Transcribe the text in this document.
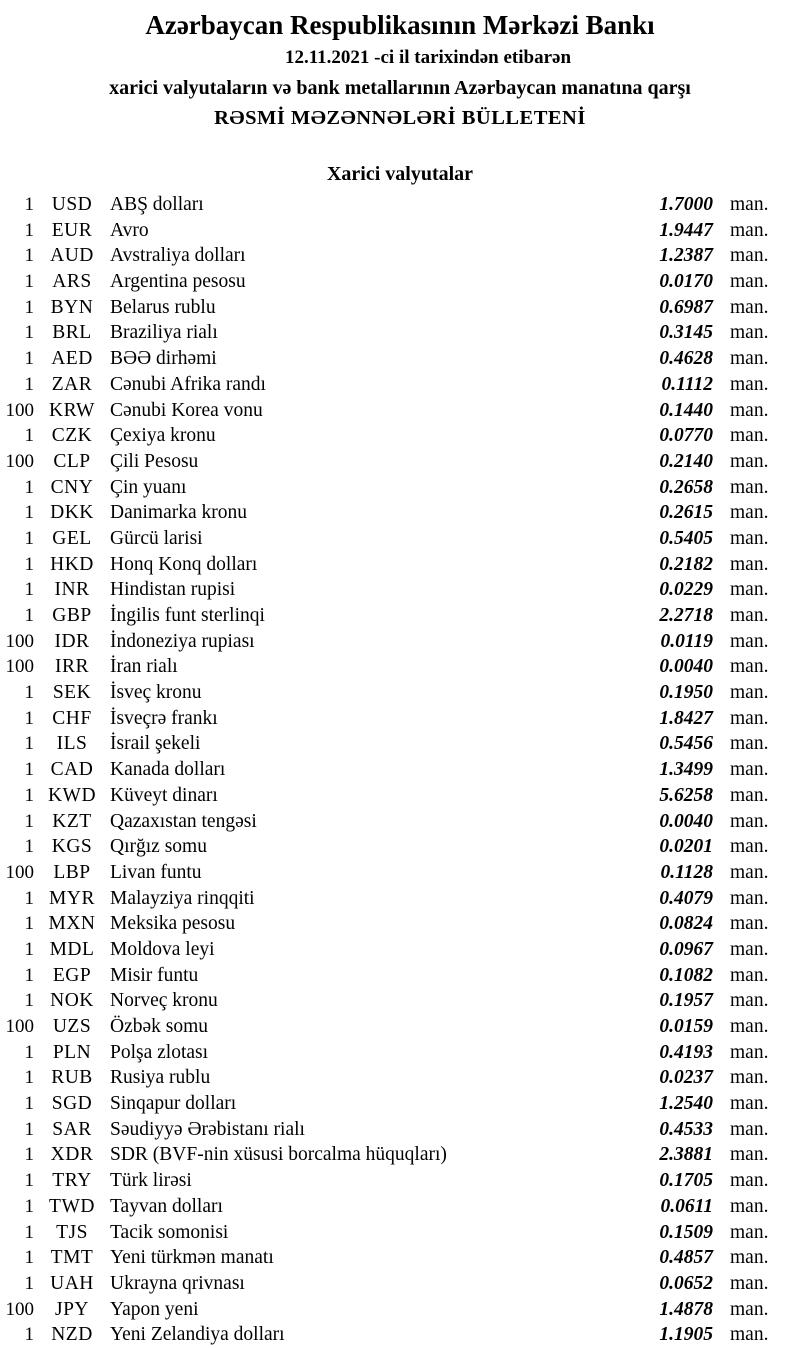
Azərbaycan Respublikasının Mərkəzi Bankı
12.11.2021 -ci il tarixindən etibarən
xarici valyutaların və bank metallarının Azərbaycan manatına qarşı
RƏSMİ MƏZƏNNƏLƏRİ BÜLLETENİ
Xarici valyutalar
1 USD ABŞ dolları	1.7000 man.
1 EUR Avro	1.9447 man.
1 AUD Avstraliya dolları	1.2387 man.
1 ARS Argentina pesosu	0.0170 man.
1 BYN Belarus rublu	0.6987 man.
1 BRL Braziliya rialı	0.3145 man.
1 AED BƏƏ dirhəmi	0.4628 man.
1 ZAR Cənubi Afrika randı	0.1112 man.
100 KRW Cənubi Korea vonu	0.1440 man.
1 CZK Çexiya kronu	0.0770 man.
100 CLP Çili Pesosu	0.2140 man.
1 CNY Çin yuanı	0.2658 man.
1 DKK Danimarka kronu	0.2615 man.
1 GEL Gürcü larisi	0.5405 man.
1 HKD Honq Konq dolları	0.2182 man.
1	INR	Hindistan rupisi	0.0229 man.
1 GBP İngilis funt sterlinqi	2.2718 man.
100	IDR	İndoneziya rupiası	0.0119 man.
100	IRR	İran rialı	0.0040 man.
1 SEK İsveç kronu	0.1950 man.
1 CHF İsveçrə frankı	1.8427 man.
1	ILS	İsrail şekeli	0.5456 man.
1 CAD Kanada dolları	1.3499 man.
1 KWD Küveyt dinarı	5.6258 man.
1 KZT Qazaxıstan tengəsi	0.0040 man.
1 KGS Qırğız somu	0.0201 man.
100 LBP Livan funtu	0.1128 man.
1 MYR Malayziya rinqqiti	0.4079 man.
1 MXN Meksika pesosu	0.0824 man.
1 MDL Moldova leyi	0.0967 man.
1 EGP Misir funtu	0.1082 man.
1 NOK Norveç kronu	0.1957 man.
100 UZS Özbək somu	0.0159 man.
1 PLN Polşa zlotası	0.4193 man.
1 RUB Rusiya rublu	0.0237 man.
1 SGD Sinqapur dolları	1.2540 man.
1 SAR Səudiyyə Ərəbistanı rialı	0.4533 man.
1 XDR SDR (BVF-nin xüsusi borcalma hüquqları)	2.3881 man.
1 TRY Türk lirəsi	0.1705 man.
1 TWD Tayvan dolları	0.0611 man.
1	TJS	Tacik somonisi	0.1509 man.
1 TMT Yeni türkmən manatı	0.4857 man.
1 UAH Ukrayna qrivnası	0.0652 man.
100	JPY	Yapon yeni	1.4878 man.
1 NZD Yeni Zelandiya dolları	1.1905 man.
